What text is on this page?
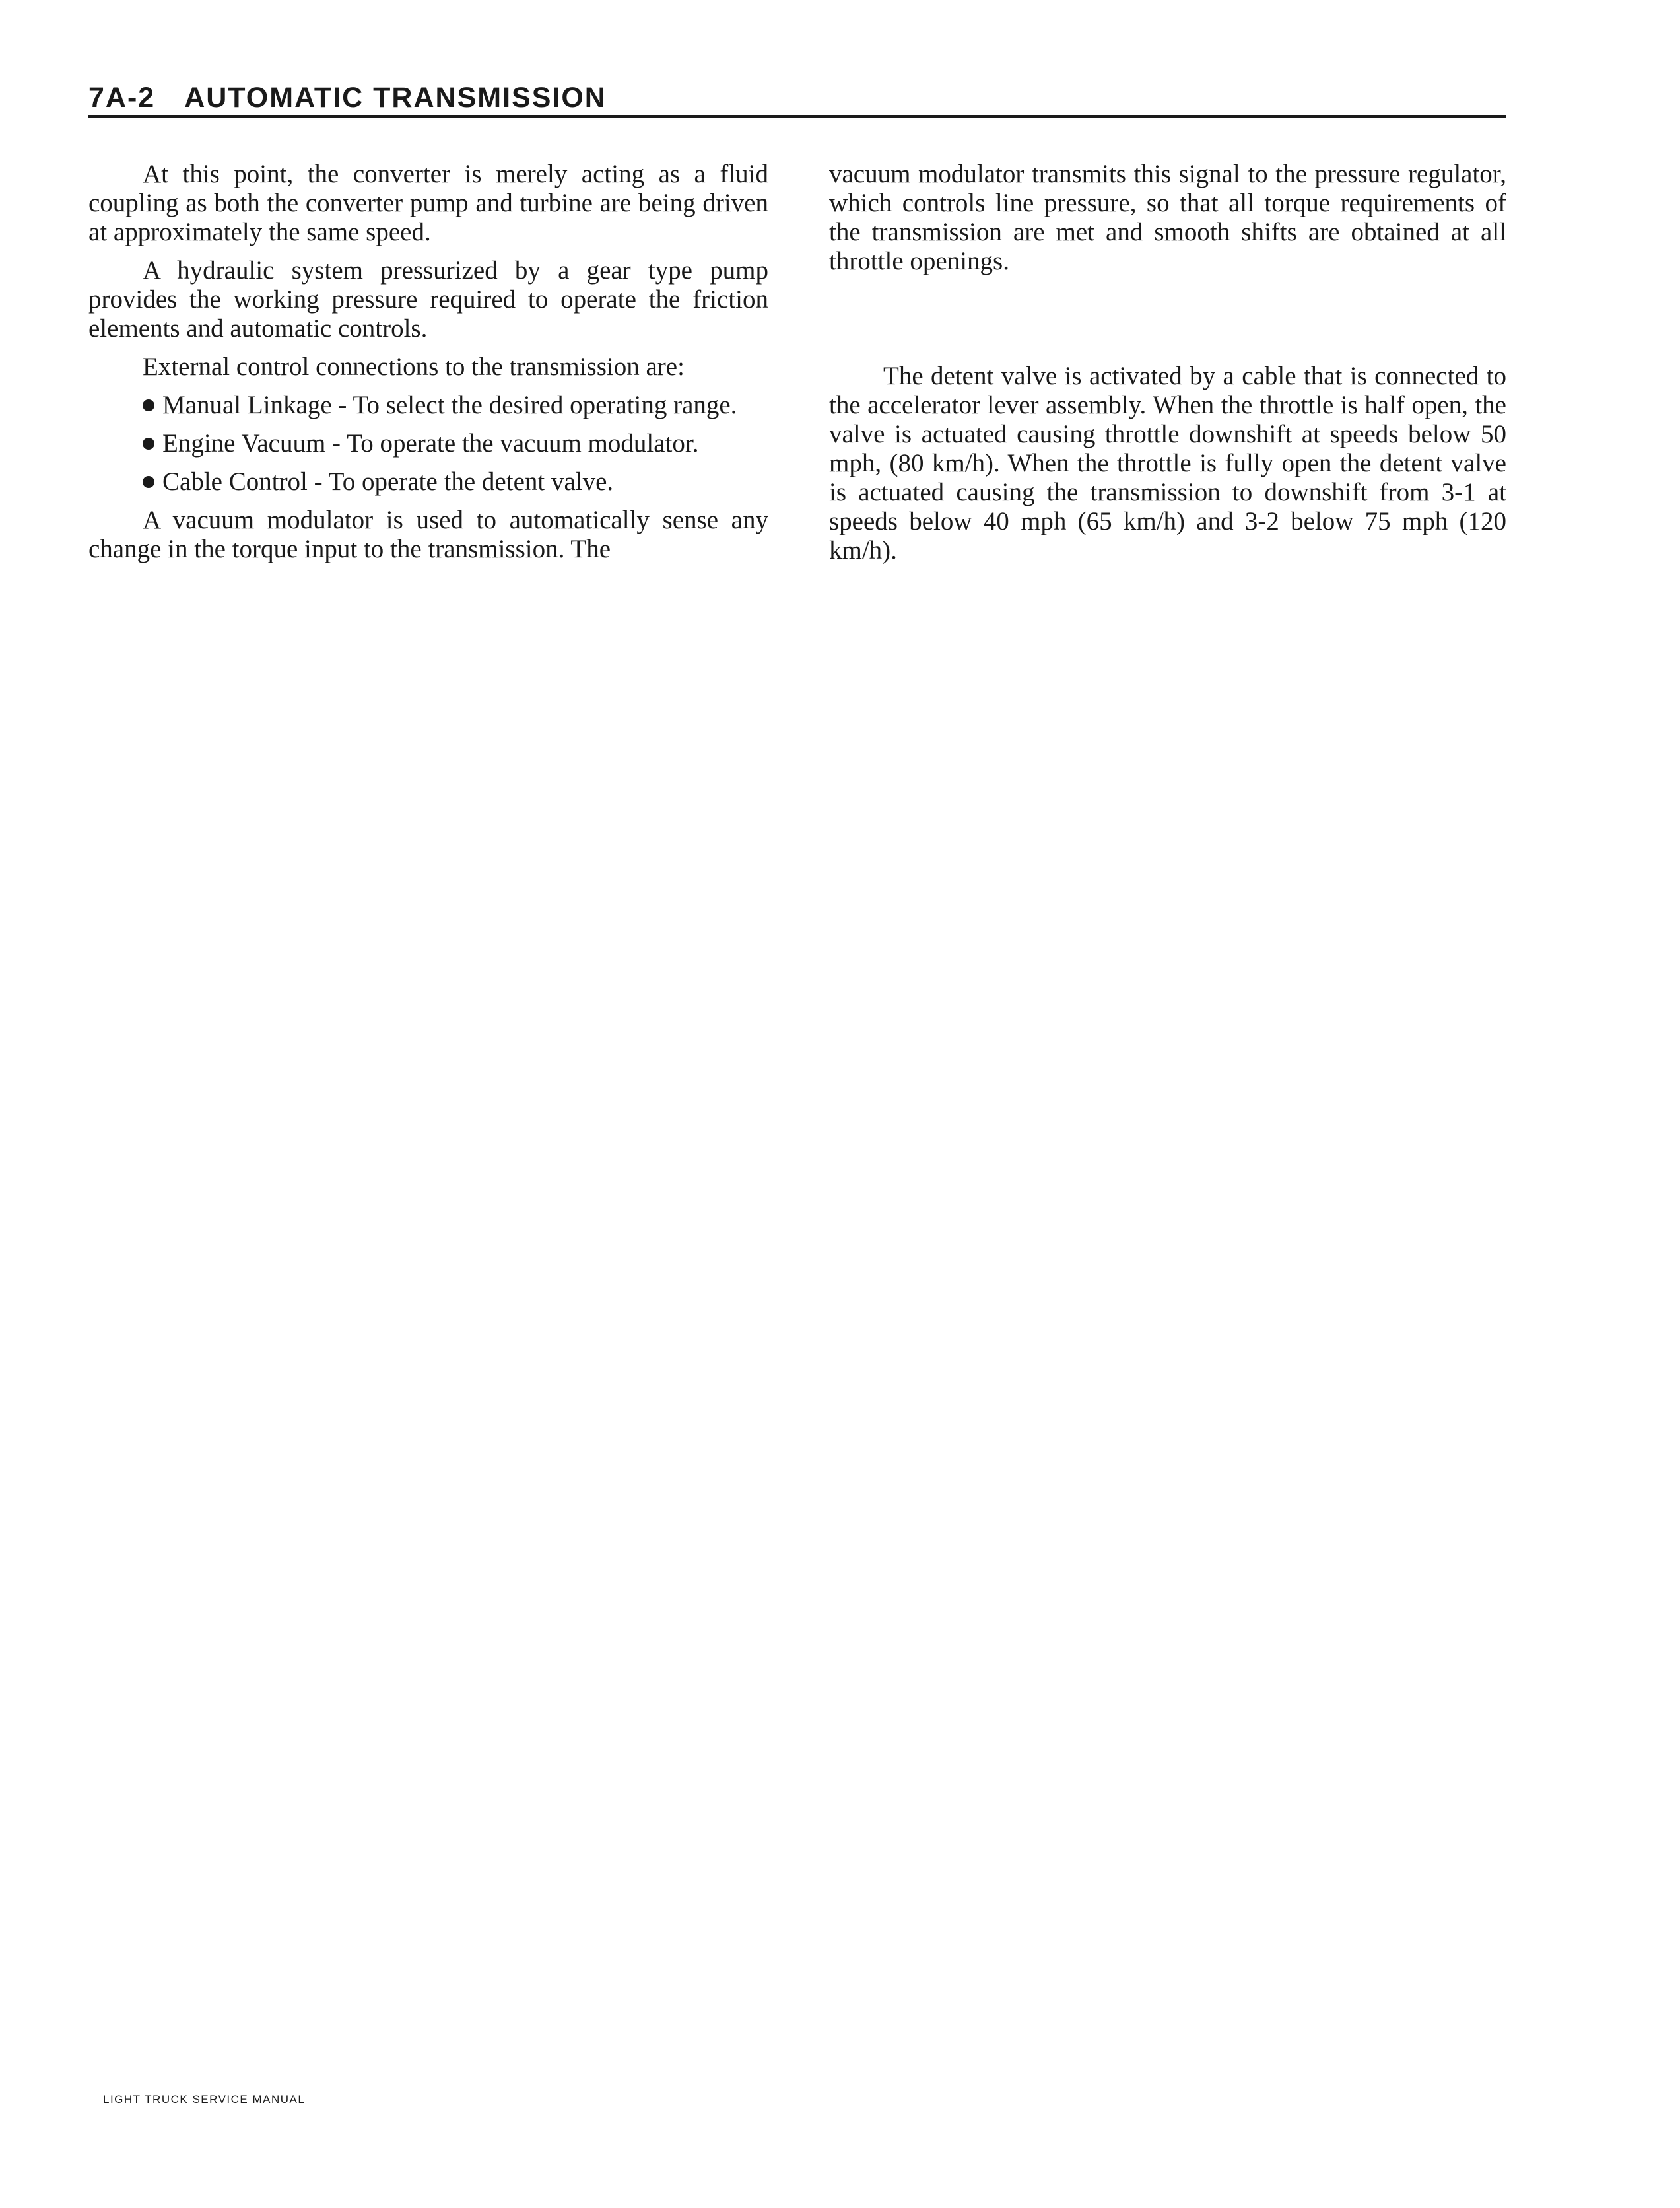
7A-2 AUTOMATIC TRANSMISSION

At this point, the converter is merely acting as a fluid coupling as both the converter pump and turbine are being driven at approximately the same speed.

A hydraulic system pressurized by a gear type pump provides the working pressure required to operate the friction elements and automatic controls.

External control connections to the transmission are:

Manual Linkage - To select the desired operating range.

Engine Vacuum - To operate the vacuum modulator.

Cable Control - To operate the detent valve.

A vacuum modulator is used to automatically sense any change in the torque input to the transmission. The

vacuum modulator transmits this signal to the pressure regulator, which controls line pressure, so that all torque requirements of the transmission are met and smooth shifts are obtained at all throttle openings.

The detent valve is activated by a cable that is connected to the accelerator lever assembly. When the throttle is half open, the valve is actuated causing throttle downshift at speeds below 50 mph, (80 km/h). When the throttle is fully open the detent valve is actuated causing the transmission to downshift from 3-1 at speeds below 40 mph (65 km/h) and 3-2 below 75 mph (120 km/h).

LIGHT TRUCK SERVICE MANUAL
